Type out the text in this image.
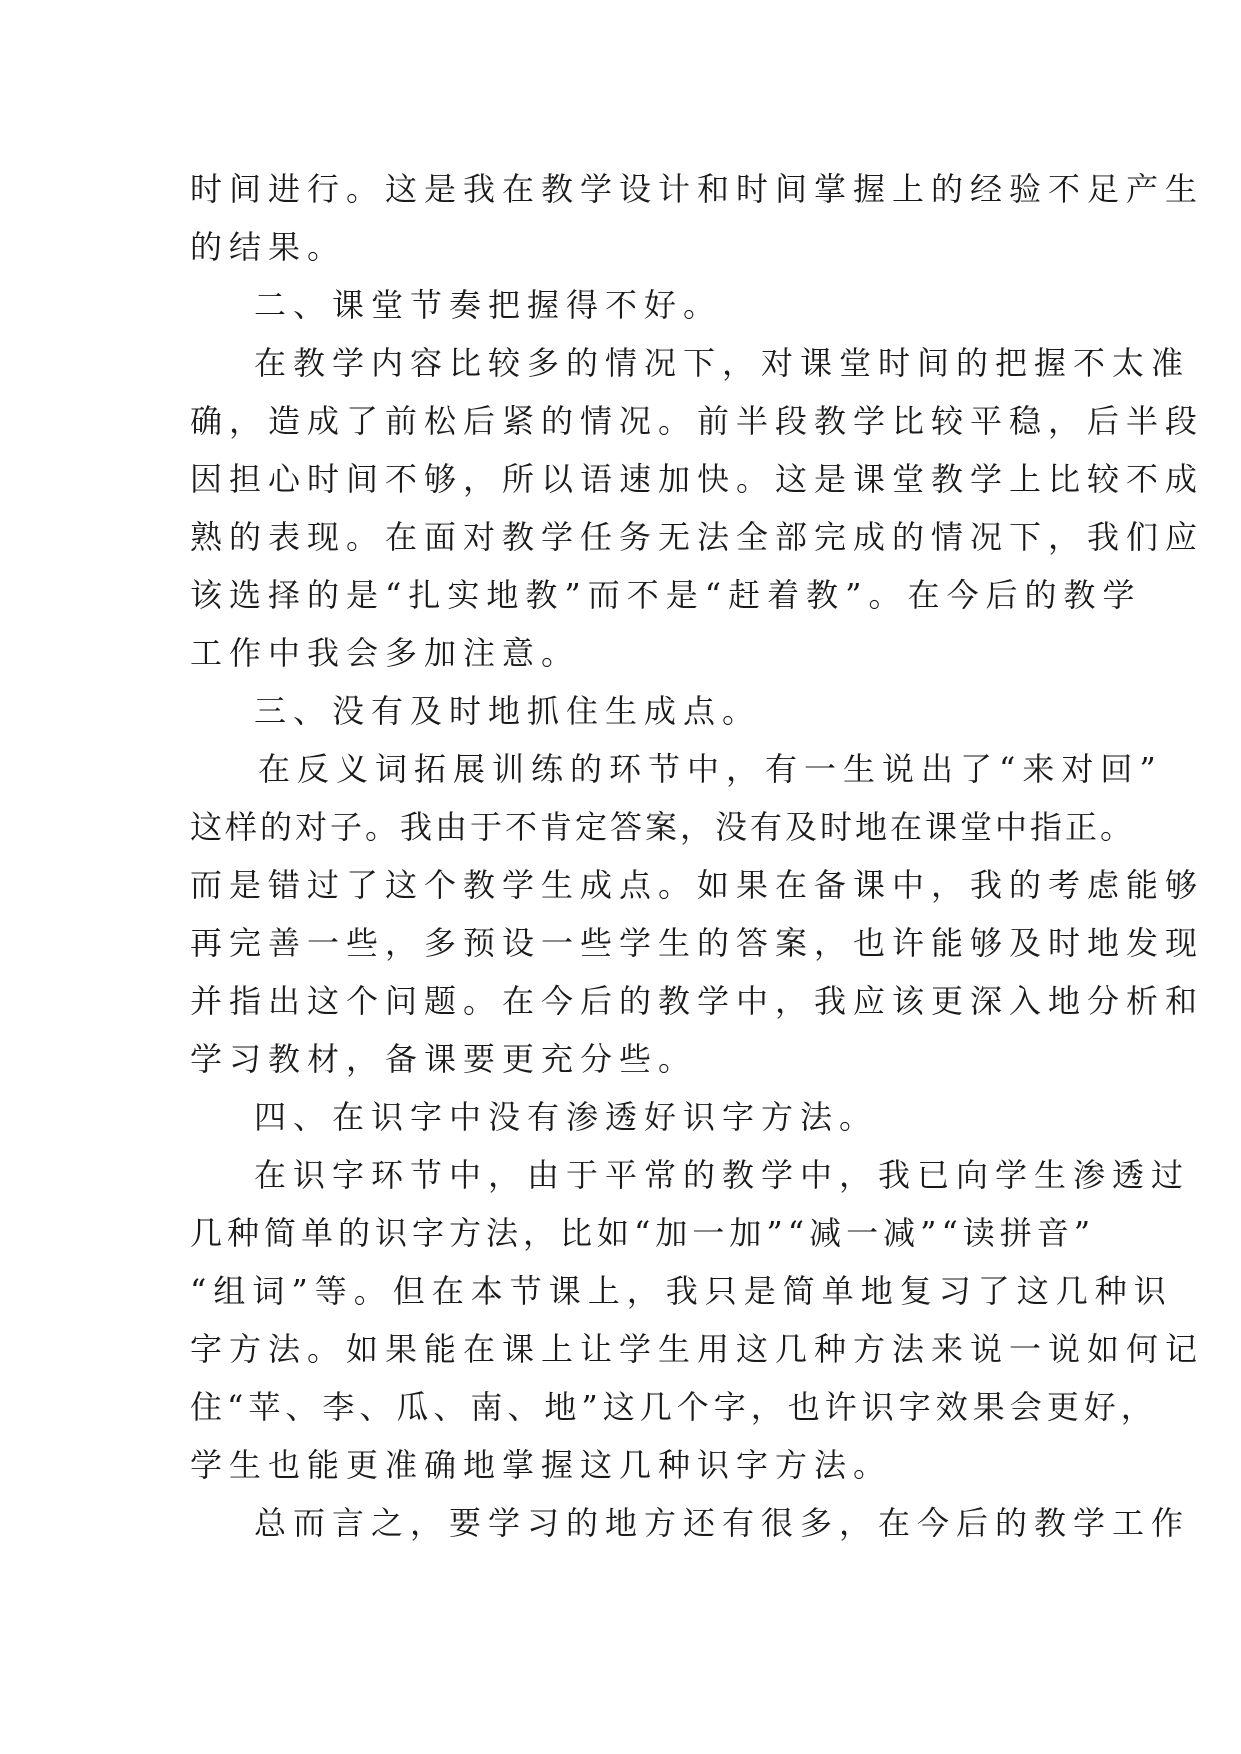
时间进行。这是我在教学设计和时间掌握上的经验不足产生
的结果。
二、课堂节奏把握得不好。
在教学内容比较多的情况下，对课堂时间的把握不太准
确，造成了前松后紧的情况。前半段教学比较平稳，后半段
因担心时间不够，所以语速加快。这是课堂教学上比较不成
熟的表现。在面对教学任务无法全部完成的情况下，我们应
该选择的是“扎实地教”而不是“赶着教”。在今后的教学
工作中我会多加注意。
三、没有及时地抓住生成点。
在反义词拓展训练的环节中，有一生说出了“来对回”
这样的对子。我由于不肯定答案，没有及时地在课堂中指正。
而是错过了这个教学生成点。如果在备课中，我的考虑能够
再完善一些，多预设一些学生的答案，也许能够及时地发现
并指出这个问题。在今后的教学中，我应该更深入地分析和
学习教材，备课要更充分些。
四、在识字中没有渗透好识字方法。
在识字环节中，由于平常的教学中，我已向学生渗透过
几种简单的识字方法，比如“加一加”“减一减”“读拼音”
“组词”等。但在本节课上，我只是简单地复习了这几种识
字方法。如果能在课上让学生用这几种方法来说一说如何记
住“苹、李、瓜、南、地”这几个字，也许识字效果会更好，
学生也能更准确地掌握这几种识字方法。
总而言之，要学习的地方还有很多，在今后的教学工作
